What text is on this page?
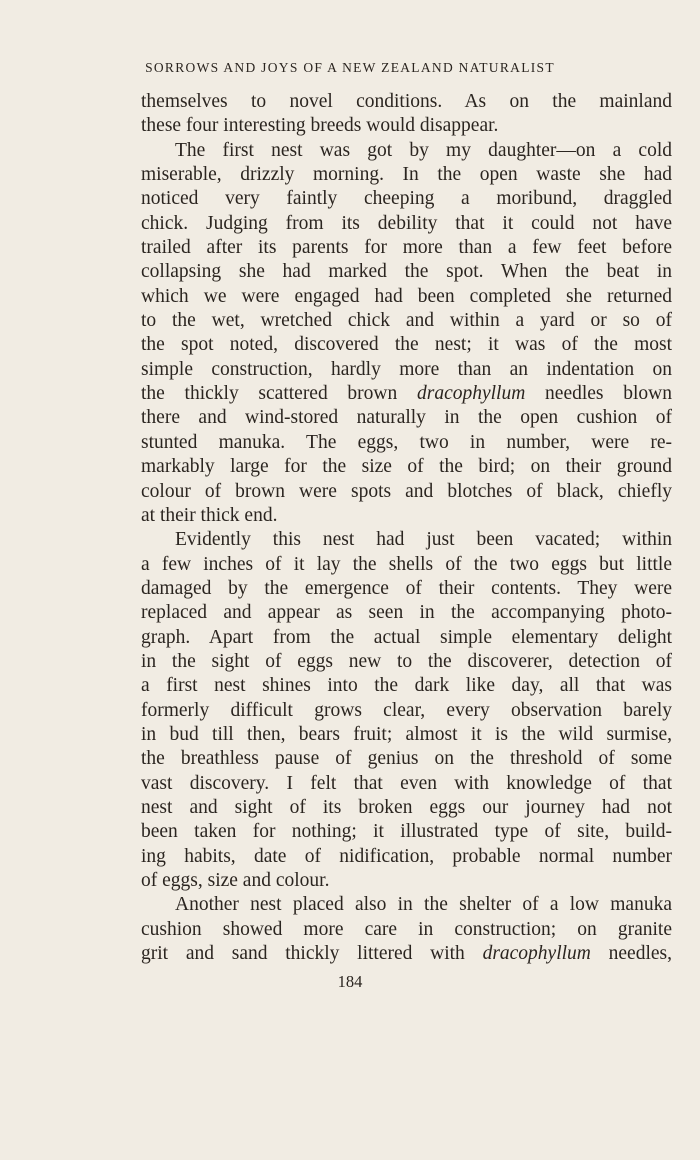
SORROWS AND JOYS OF A NEW ZEALAND NATURALIST
themselves to novel conditions. As on the mainland
these four interesting breeds would disappear.
The first nest was got by my daughter—on a cold
miserable, drizzly morning. In the open waste she had
noticed very faintly cheeping a moribund, draggled
chick. Judging from its debility that it could not have
trailed after its parents for more than a few feet before
collapsing she had marked the spot. When the beat in
which we were engaged had been completed she returned
to the wet, wretched chick and within a yard or so of
the spot noted, discovered the nest; it was of the most
simple construction, hardly more than an indentation on
the thickly scattered brown dracophyllum needles blown
there and wind-stored naturally in the open cushion of
stunted manuka. The eggs, two in number, were re-
markably large for the size of the bird; on their ground
colour of brown were spots and blotches of black, chiefly
at their thick end.
Evidently this nest had just been vacated; within
a few inches of it lay the shells of the two eggs but little
damaged by the emergence of their contents. They were
replaced and appear as seen in the accompanying photo-
graph. Apart from the actual simple elementary delight
in the sight of eggs new to the discoverer, detection of
a first nest shines into the dark like day, all that was
formerly difficult grows clear, every observation barely
in bud till then, bears fruit; almost it is the wild surmise,
the breathless pause of genius on the threshold of some
vast discovery. I felt that even with knowledge of that
nest and sight of its broken eggs our journey had not
been taken for nothing; it illustrated type of site, build-
ing habits, date of nidification, probable normal number
of eggs, size and colour.
Another nest placed also in the shelter of a low manuka
cushion showed more care in construction; on granite
grit and sand thickly littered with dracophyllum needles,
184
